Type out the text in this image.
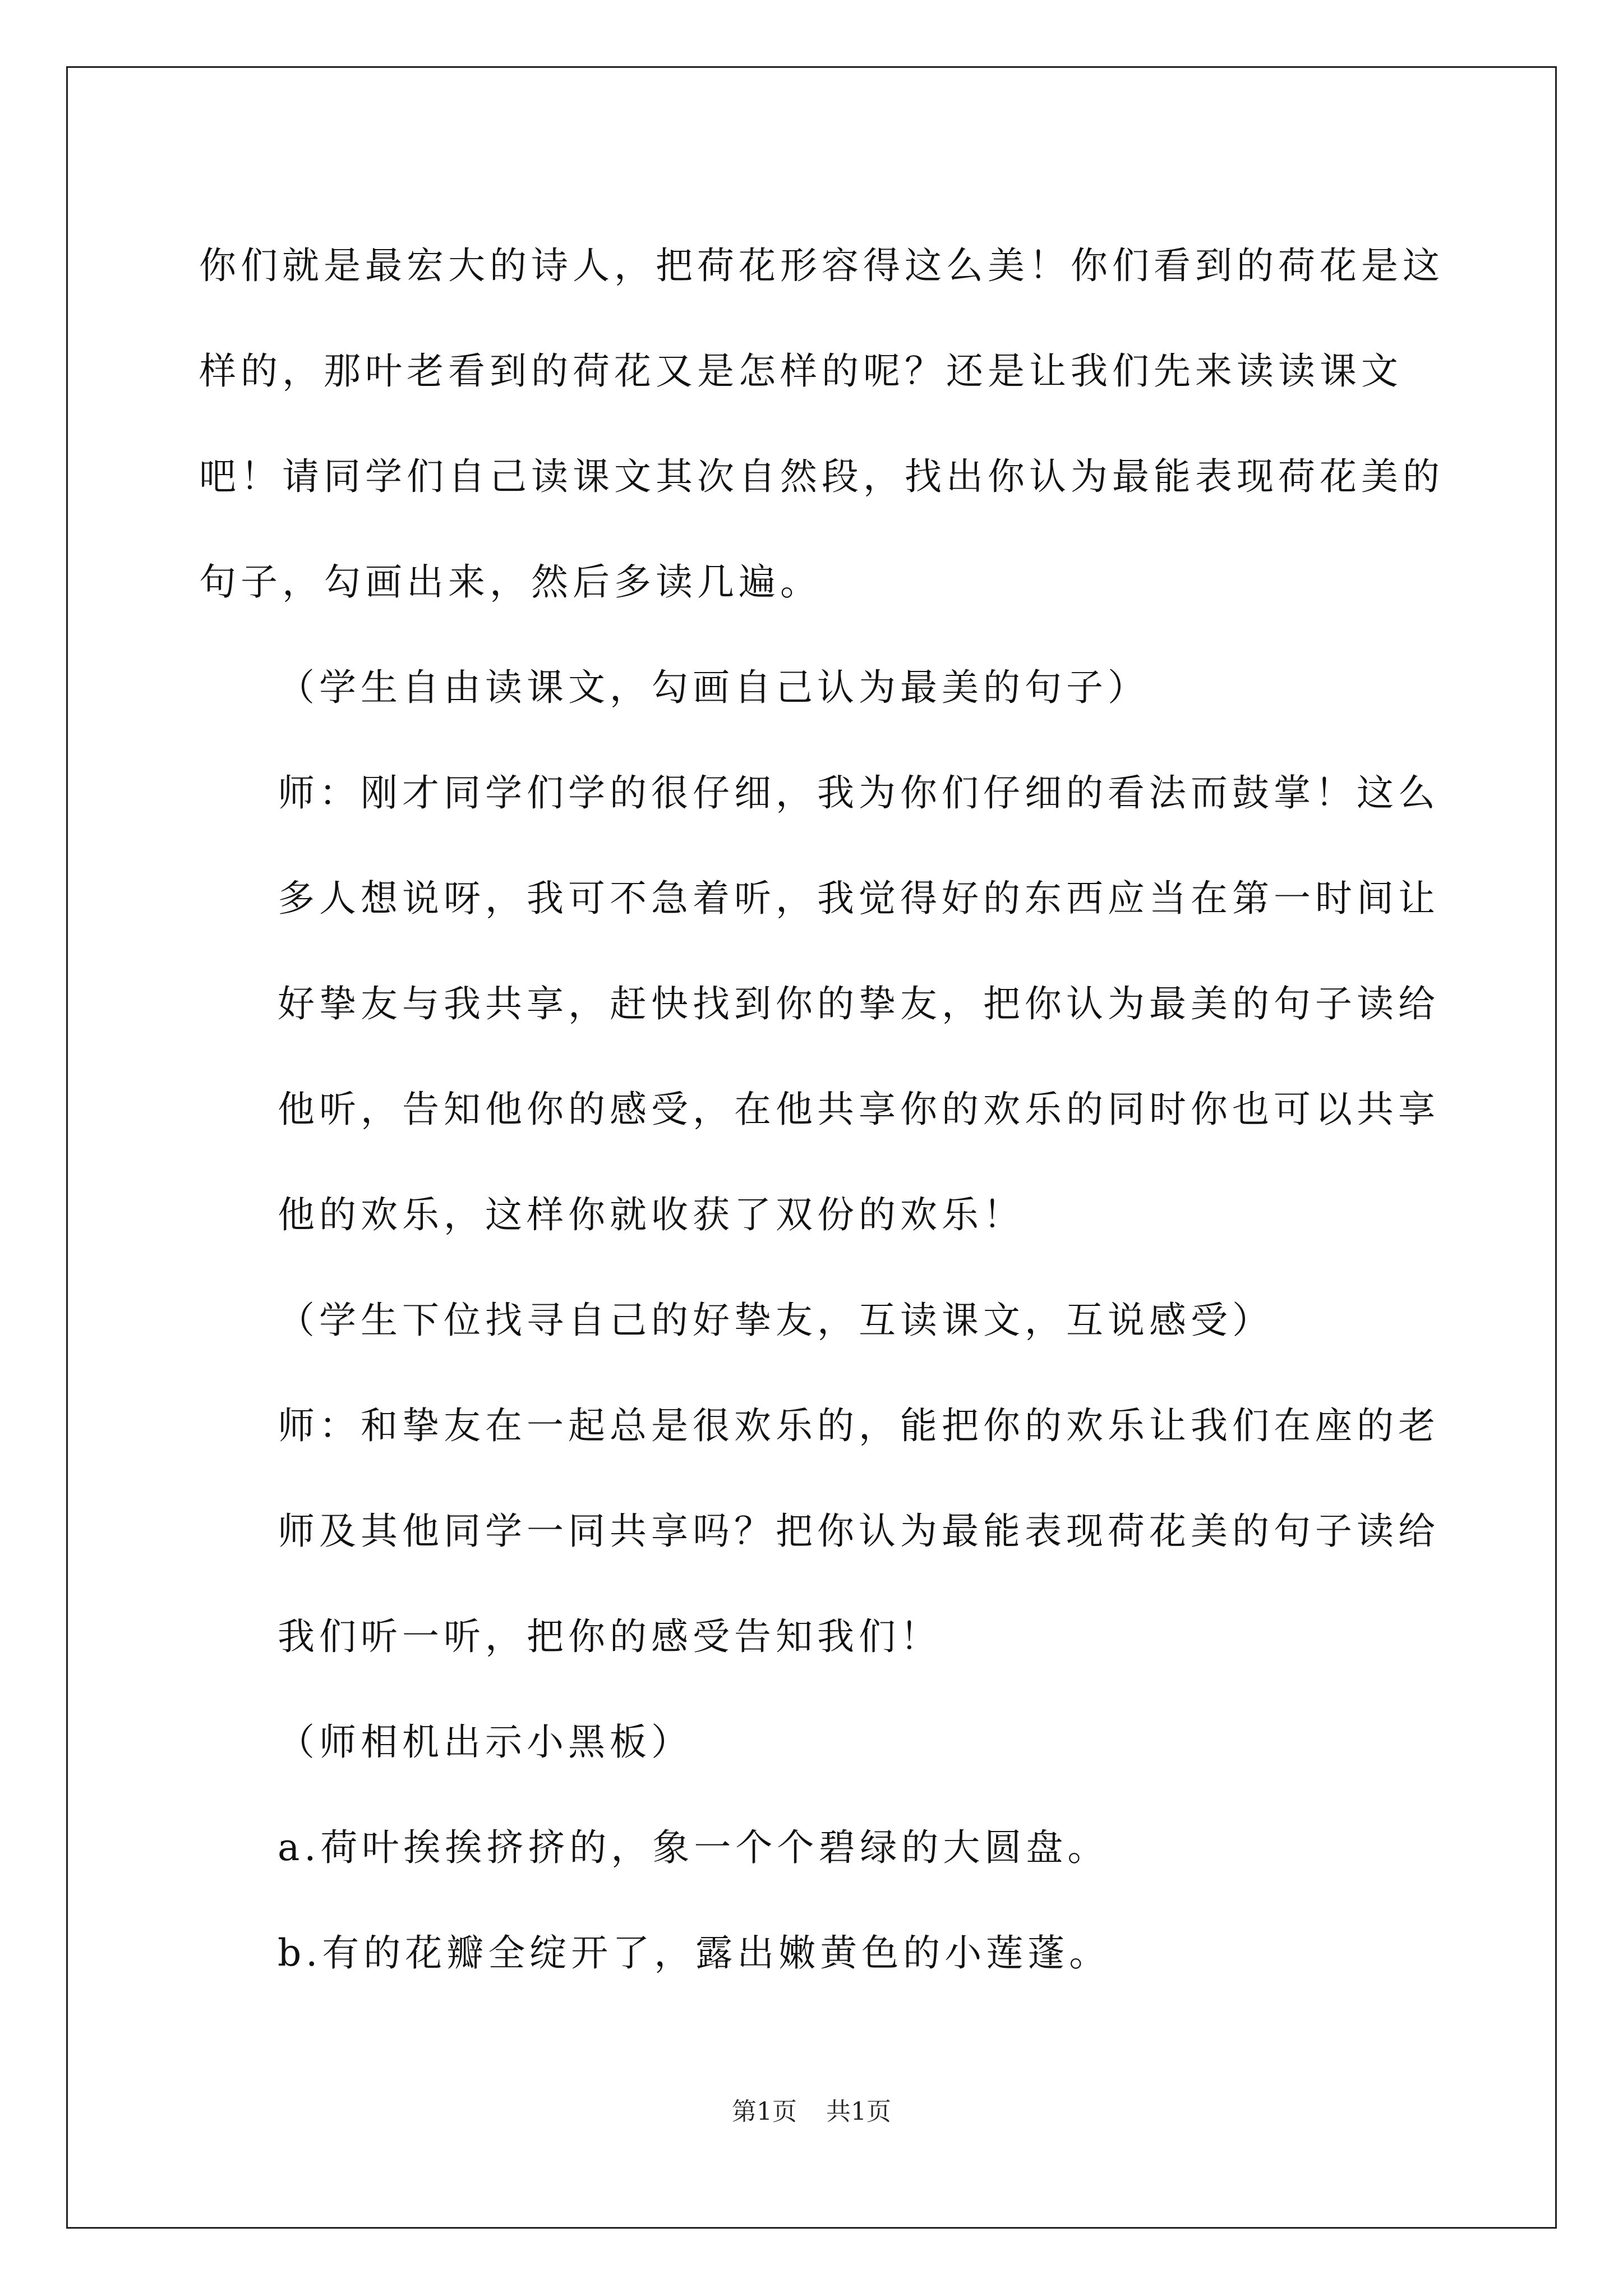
你们就是最宏大的诗人，把荷花形容得这么美！你们看到的荷花是这样的，那叶老看到的荷花又是怎样的呢？还是让我们先来读读课文吧！请同学们自己读课文其次自然段，找出你认为最能表现荷花美的句子，勾画出来，然后多读几遍。

（学生自由读课文，勾画自己认为最美的句子）

师：刚才同学们学的很仔细，我为你们仔细的看法而鼓掌！这么多人想说呀，我可不急着听，我觉得好的东西应当在第一时间让好挚友与我共享，赶快找到你的挚友，把你认为最美的句子读给他听，告知他你的感受，在他共享你的欢乐的同时你也可以共享他的欢乐，这样你就收获了双份的欢乐！

（学生下位找寻自己的好挚友，互读课文，互说感受）

师：和挚友在一起总是很欢乐的，能把你的欢乐让我们在座的老师及其他同学一同共享吗？把你认为最能表现荷花美的句子读给我们听一听，把你的感受告知我们！

（师相机出示小黑板）

a.荷叶挨挨挤挤的，象一个个碧绿的大圆盘。

b.有的花瓣全绽开了，露出嫩黄色的小莲蓬。

第1页 共1页
